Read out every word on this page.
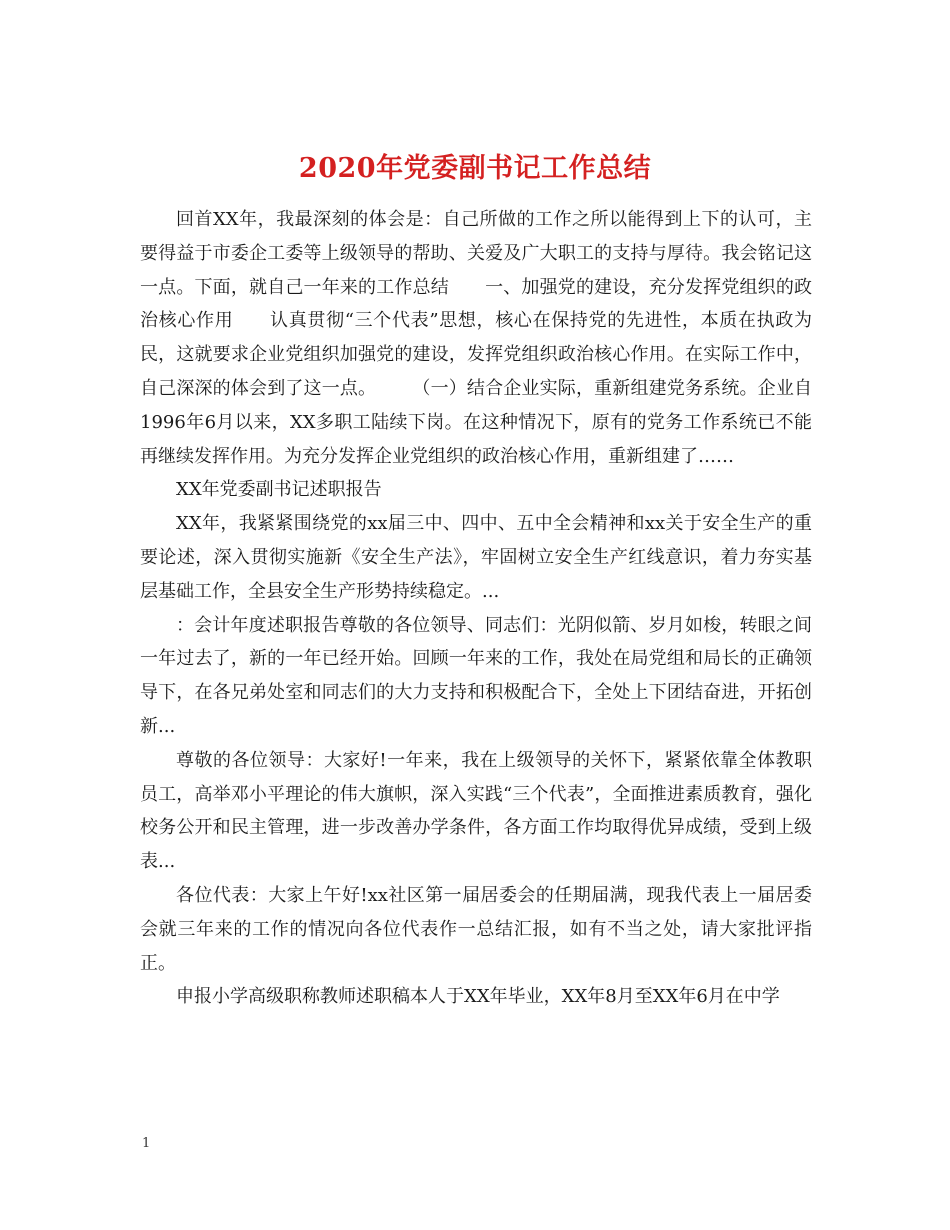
2020年党委副书记工作总结

回首XX年，我最深刻的体会是：自己所做的工作之所以能得到上下的认可，主要得益于市委企工委等上级领导的帮助、关爱及广大职工的支持与厚待。我会铭记这一点。下面，就自己一年来的工作总结 一、加强党的建设，充分发挥党组织的政治核心作用 认真贯彻“三个代表”思想，核心在保持党的先进性，本质在执政为民，这就要求企业党组织加强党的建设，发挥党组织政治核心作用。在实际工作中，自己深深的体会到了这一点。 （一）结合企业实际，重新组建党务系统。企业自1996年6月以来，XX多职工陆续下岗。在这种情况下，原有的党务工作系统已不能再继续发挥作用。为充分发挥企业党组织的政治核心作用，重新组建了……

XX年党委副书记述职报告

XX年，我紧紧围绕党的xx届三中、四中、五中全会精神和xx关于安全生产的重要论述，深入贯彻实施新《安全生产法》，牢固树立安全生产红线意识，着力夯实基层基础工作，全县安全生产形势持续稳定。...

：会计年度述职报告尊敬的各位领导、同志们：光阴似箭、岁月如梭，转眼之间一年过去了，新的一年已经开始。回顾一年来的工作，我处在局党组和局长的正确领导下，在各兄弟处室和同志们的大力支持和积极配合下，全处上下团结奋进，开拓创新...

尊敬的各位领导：大家好!一年来，我在上级领导的关怀下，紧紧依靠全体教职员工，高举邓小平理论的伟大旗帜，深入实践“三个代表”，全面推进素质教育，强化校务公开和民主管理，进一步改善办学条件，各方面工作均取得优异成绩，受到上级表...

各位代表：大家上午好!xx社区第一届居委会的任期届满，现我代表上一届居委会就三年来的工作的情况向各位代表作一总结汇报，如有不当之处，请大家批评指正。

申报小学高级职称教师述职稿本人于XX年毕业，XX年8月至XX年6月在中学

1
